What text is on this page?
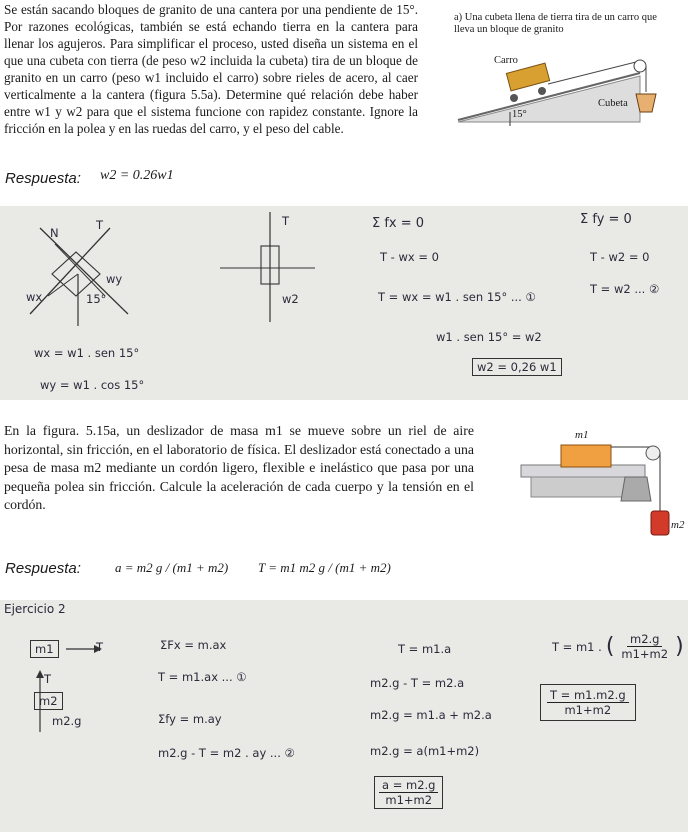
Se están sacando bloques de granito de una cantera por una pendiente de 15°. Por razones ecológicas, también se está echando tierra en la cantera para llenar los agujeros. Para simplificar el proceso, usted diseña un sistema en el que una cubeta con tierra (de peso w2 incluida la cubeta) tira de un bloque de granito en un carro (peso w1 incluido el carro) sobre rieles de acero, al caer verticalmente a la cantera (figura 5.5a). Determine qué relación debe haber entre w1 y w2 para que el sistema funcione con rapidez constante. Ignore la fricción en la polea y en las ruedas del carro, y el peso del cable.
a) Una cubeta llena de tierra tira de un carro que lleva un bloque de granito
Carro
Cubeta
15°
Respuesta: w2 = 0.26w1
N
T
wy
wx	15°
wx = w1 . sen 15°
wy = w1 . cos 15°
T
w2
Σ fx = 0
T - wx = 0
T = wx = w1 . sen 15° ... ①
w1 . sen 15° = w2
w2 = 0,26 w1
Σ fy = 0
T - w2 = 0
T = w2 ... ②
En la figura. 5.15a, un deslizador de masa m1 se mueve sobre un riel de aire horizontal, sin fricción, en el laboratorio de física. El deslizador está conectado a una pesa de masa m2 mediante un cordón ligero, flexible e inelástico que pasa por una pequeña polea sin fricción. Calcule la aceleración de cada cuerpo y la tensión en el cordón.
m1
m2
Respuesta:	a = m2 g / (m1 + m2) T = m1 m2 g / (m1 + m2)
Ejercicio 2
m1	T
T
m2
m2.g
ΣFx = m.ax
T = m1.ax ... ①
Σfy = m.ay
m2.g - T = m2 . ay ... ②
T = m1.a
m2.g - T = m2.a
m2.g = m1.a + m2.a
m2.g = a(m1+m2)
$\frac{a = m2.g}{m1+m2}$
T = m1 . ( $\frac{m2.g}{m1+m2}$ )
$\frac{T = m1.m2.g}{m1+m2}$
